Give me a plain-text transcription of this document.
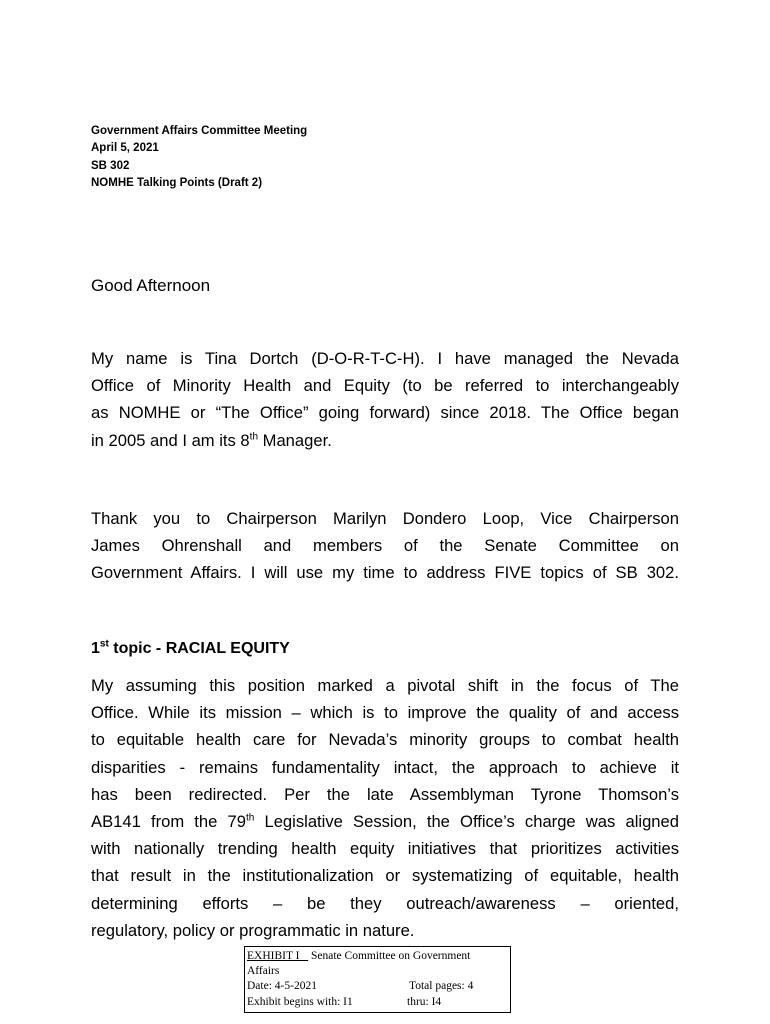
Government Affairs Committee Meeting
April 5, 2021
SB 302
NOMHE Talking Points (Draft 2)
Good Afternoon
My name is Tina Dortch (D-O-R-T-C-H). I have managed the Nevada
Office of Minority Health and Equity (to be referred to interchangeably
as NOMHE or “The Office” going forward) since 2018. The Office began
in 2005 and I am its 8th Manager.
Thank you to Chairperson Marilyn Dondero Loop, Vice Chairperson
James Ohrenshall and members of the Senate Committee on
Government Affairs. I will use my time to address FIVE topics of SB 302.
1st topic - RACIAL EQUITY
My assuming this position marked a pivotal shift in the focus of The
Office. While its mission – which is to improve the quality of and access
to equitable health care for Nevada’s minority groups to combat health
disparities - remains fundamentality intact, the approach to achieve it
has been redirected. Per the late Assemblyman Tyrone Thomson’s
AB141 from the 79th Legislative Session, the Office’s charge was aligned
with nationally trending health equity initiatives that prioritizes activities
that result in the institutionalization or systematizing of equitable, health
determining efforts – be they outreach/awareness – oriented,
regulatory, policy or programmatic in nature.
EXHIBIT I Senate Committee on Government
Affairs
Date: 4-5-2021	Total pages: 4
Exhibit begins with: I1	thru: I4
